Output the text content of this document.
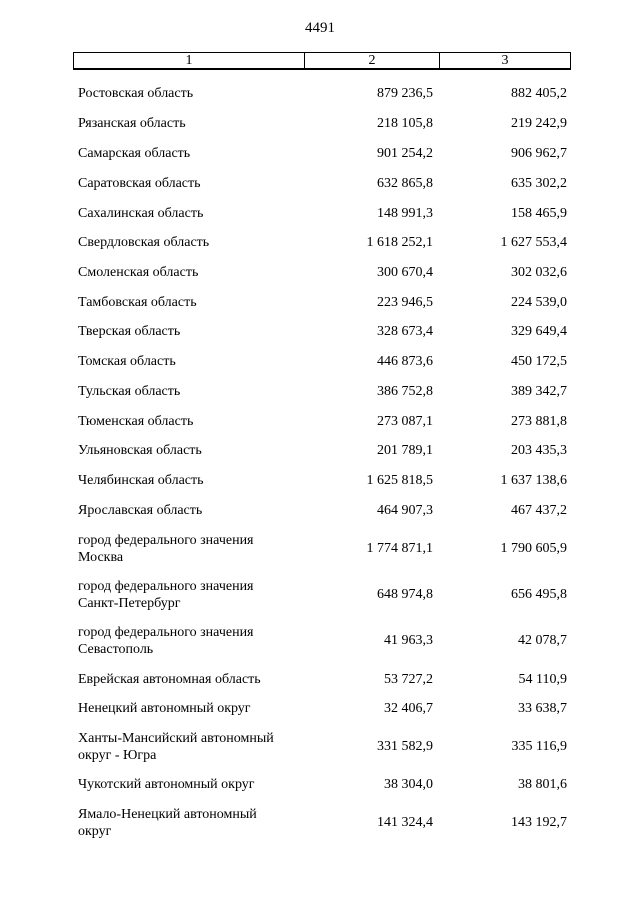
4491
1	2	3
Ростовская область	879 236,5	882 405,2
Рязанская область	218 105,8	219 242,9
Самарская область	901 254,2	906 962,7
Саратовская область	632 865,8	635 302,2
Сахалинская область	148 991,3	158 465,9
Свердловская область	1 618 252,1	1 627 553,4
Смоленская область	300 670,4	302 032,6
Тамбовская область	223 946,5	224 539,0
Тверская область	328 673,4	329 649,4
Томская область	446 873,6	450 172,5
Тульская область	386 752,8	389 342,7
Тюменская область	273 087,1	273 881,8
Ульяновская область	201 789,1	203 435,3
Челябинская область	1 625 818,5	1 637 138,6
Ярославская область	464 907,3	467 437,2
город федерального значения
Москва
1 774 871,1	1 790 605,9
город федерального значения
Санкт-Петербург
648 974,8	656 495,8
город федерального значения
Севастополь
41 963,3	42 078,7
Еврейская автономная область	53 727,2	54 110,9
Ненецкий автономный округ	32 406,7	33 638,7
Ханты-Мансийский автономный
округ - Югра
331 582,9	335 116,9
Чукотский автономный округ	38 304,0	38 801,6
Ямало-Ненецкий автономный
округ
141 324,4	143 192,7
